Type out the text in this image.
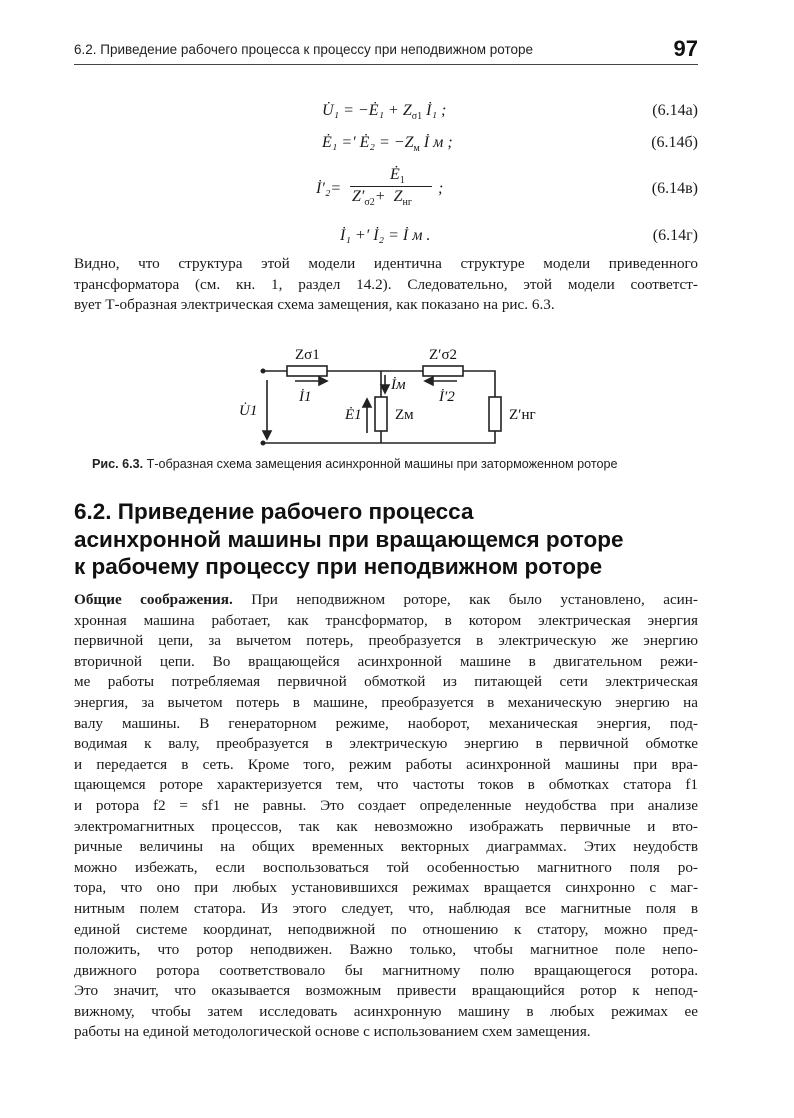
6.2. Приведение рабочего процесса к процессу при неподвижном роторе	97
U̇₁ = −Ė₁ + $Z_{\sigma 1}$ İ₁ ;	(6.14а)
Ė₁ =′ Ė₂ = $-Z_м$ İ м ;	(6.14б)
İ′₂=
$Ė_1$
$Z'_{\sigma 2}+ Z_{нг}$
;	(6.14в)
İ₁ +′ İ₂ = İ м .	(6.14г)
Видно, что структура этой модели идентична структуре модели приведенного
трансформатора (см. кн. 1, раздел 14.2). Следовательно, этой модели соответст-
вует Т-образная электрическая схема замещения, как показано на рис. 6.3.
Zσ1	Z′σ2
Zм	Z′нг
İ1	İ′2
İм
U̇1	Ė1
Рис. 6.3. Т-образная схема замещения асинхронной машины при заторможенном роторе
6.2. Приведение рабочего процесса
асинхронной машины при вращающемся роторе
к рабочему процессу при неподвижном роторе
Общие соображения. При неподвижном роторе, как было установлено, асин-
хронная машина работает, как трансформатор, в котором электрическая энергия
первичной цепи, за вычетом потерь, преобразуется в электрическую же энергию
вторичной цепи. Во вращающейся асинхронной машине в двигательном режи-
ме работы потребляемая первичной обмоткой из питающей сети электрическая
энергия, за вычетом потерь в машине, преобразуется в механическую энергию на
валу машины. В генераторном режиме, наоборот, механическая энергия, под-
водимая к валу, преобразуется в электрическую энергию в первичной обмотке
и передается в сеть. Кроме того, режим работы асинхронной машины при вра-
щающемся роторе характеризуется тем, что частоты токов в обмотках статора f1
и ротора f2 = sf1 не равны. Это создает определенные неудобства при анализе
электромагнитных процессов, так как невозможно изображать первичные и вто-
ричные величины на общих временных векторных диаграммах. Этих неудобств
можно избежать, если воспользоваться той особенностью магнитного поля ро-
тора, что оно при любых установившихся режимах вращается синхронно с маг-
нитным полем статора. Из этого следует, что, наблюдая все магнитные поля в
единой системе координат, неподвижной по отношению к статору, можно пред-
положить, что ротор неподвижен. Важно только, чтобы магнитное поле непо-
движного ротора соответствовало бы магнитному полю вращающегося ротора.
Это значит, что оказывается возможным привести вращающийся ротор к непод-
вижному, чтобы затем исследовать асинхронную машину в любых режимах ее
работы на единой методологической основе с использованием схем замещения.
